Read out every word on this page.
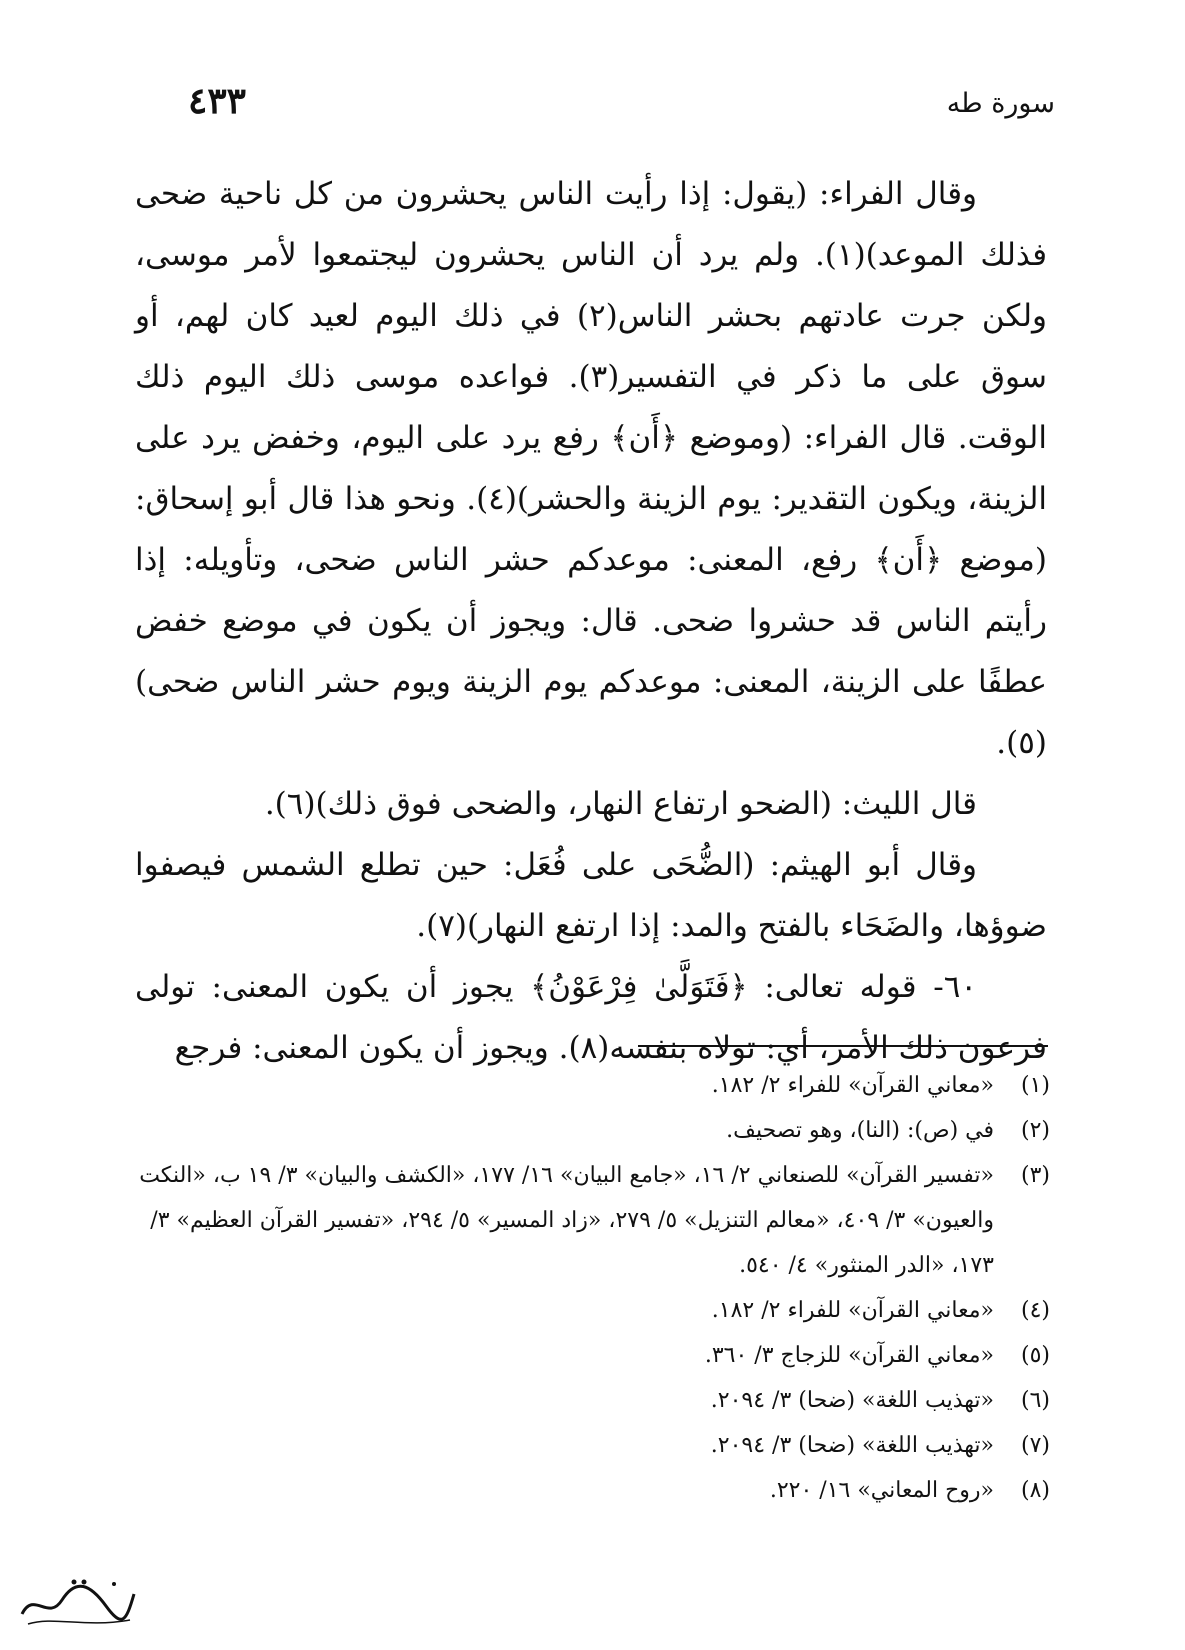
سورة طه
٤٣٣

وقال الفراء: (يقول: إذا رأيت الناس يحشرون من كل ناحية ضحى فذلك الموعد)(١). ولم يرد أن الناس يحشرون ليجتمعوا لأمر موسى، ولكن جرت عادتهم بحشر الناس(٢) في ذلك اليوم لعيد كان لهم، أو سوق على ما ذكر في التفسير(٣). فواعده موسى ذلك اليوم ذلك الوقت. قال الفراء: (وموضع ﴿أَن﴾ رفع يرد على اليوم، وخفض يرد على الزينة، ويكون التقدير: يوم الزينة والحشر)(٤). ونحو هذا قال أبو إسحاق: (موضع ﴿أَن﴾ رفع، المعنى: موعدكم حشر الناس ضحى، وتأويله: إذا رأيتم الناس قد حشروا ضحى. قال: ويجوز أن يكون في موضع خفض عطفًا على الزينة، المعنى: موعدكم يوم الزينة ويوم حشر الناس ضحى)(٥).

قال الليث: (الضحو ارتفاع النهار، والضحى فوق ذلك)(٦).

وقال أبو الهيثم: (الضُّحَى على فُعَل: حين تطلع الشمس فيصفوا ضوؤها، والضَحَاء بالفتح والمد: إذا ارتفع النهار)(٧).

٦٠- قوله تعالى: ﴿فَتَوَلَّىٰ فِرْعَوْنُ﴾ يجوز أن يكون المعنى: تولى فرعون ذلك الأمر، أي: تولاه بنفسه(٨). ويجوز أن يكون المعنى: فرجع

(١)
«معاني القرآن» للفراء ٢/ ١٨٢.
(٢)
في (ص): (النا)، وهو تصحيف.
(٣)
«تفسير القرآن» للصنعاني ٢/ ١٦، «جامع البيان» ١٦/ ١٧٧، «الكشف والبيان» ٣/ ١٩ ب، «النكت والعيون» ٣/ ٤٠٩، «معالم التنزيل» ٥/ ٢٧٩، «زاد المسير» ٥/ ٢٩٤، «تفسير القرآن العظيم» ٣/ ١٧٣، «الدر المنثور» ٤/ ٥٤٠.
(٤)
«معاني القرآن» للفراء ٢/ ١٨٢.
(٥)
«معاني القرآن» للزجاج ٣/ ٣٦٠.
(٦)
«تهذيب اللغة» (ضحا) ٣/ ٢٠٩٤.
(٧)
«تهذيب اللغة» (ضحا) ٣/ ٢٠٩٤.
(٨)
«روح المعاني» ١٦/ ٢٢٠.
